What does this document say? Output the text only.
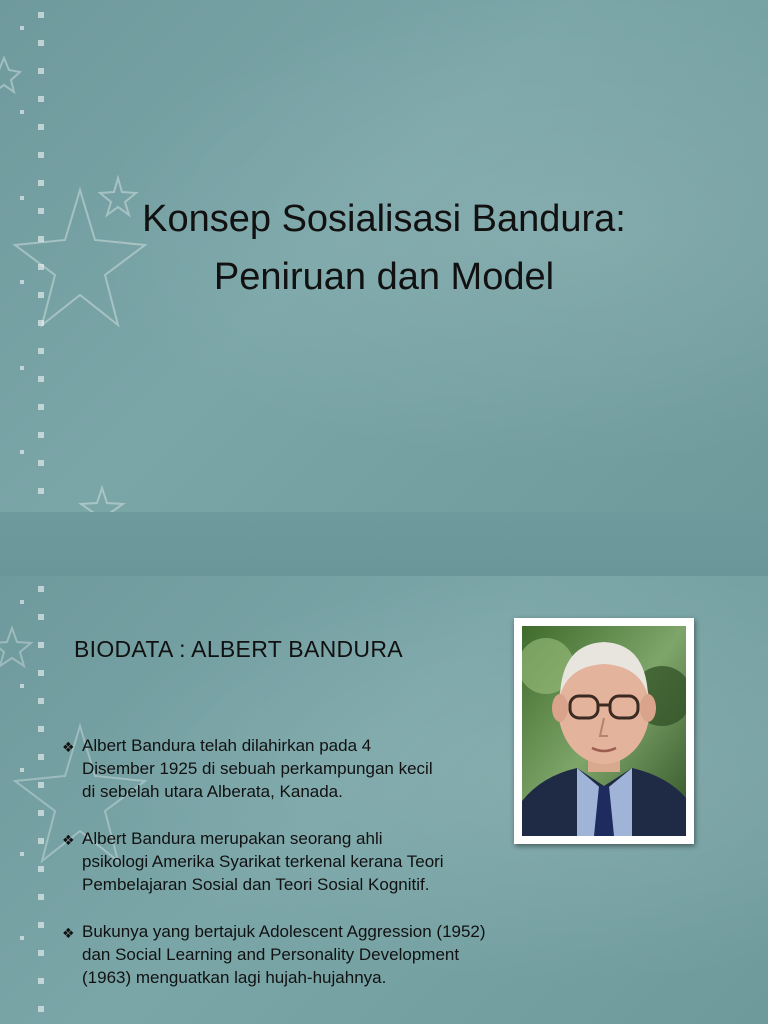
Konsep Sosialisasi Bandura:
Peniruan dan Model
BIODATA : ALBERT BANDURA
❖ Albert Bandura telah dilahirkan pada 4
Disember 1925 di sebuah perkampungan kecil
di sebelah utara Alberata, Kanada.
❖ Albert Bandura merupakan seorang ahli
psikologi Amerika Syarikat terkenal kerana Teori
Pembelajaran Sosial dan Teori Sosial Kognitif.
❖ Bukunya yang bertajuk Adolescent Aggression (1952)
dan Social Learning and Personality Development
(1963) menguatkan lagi hujah-hujahnya.
